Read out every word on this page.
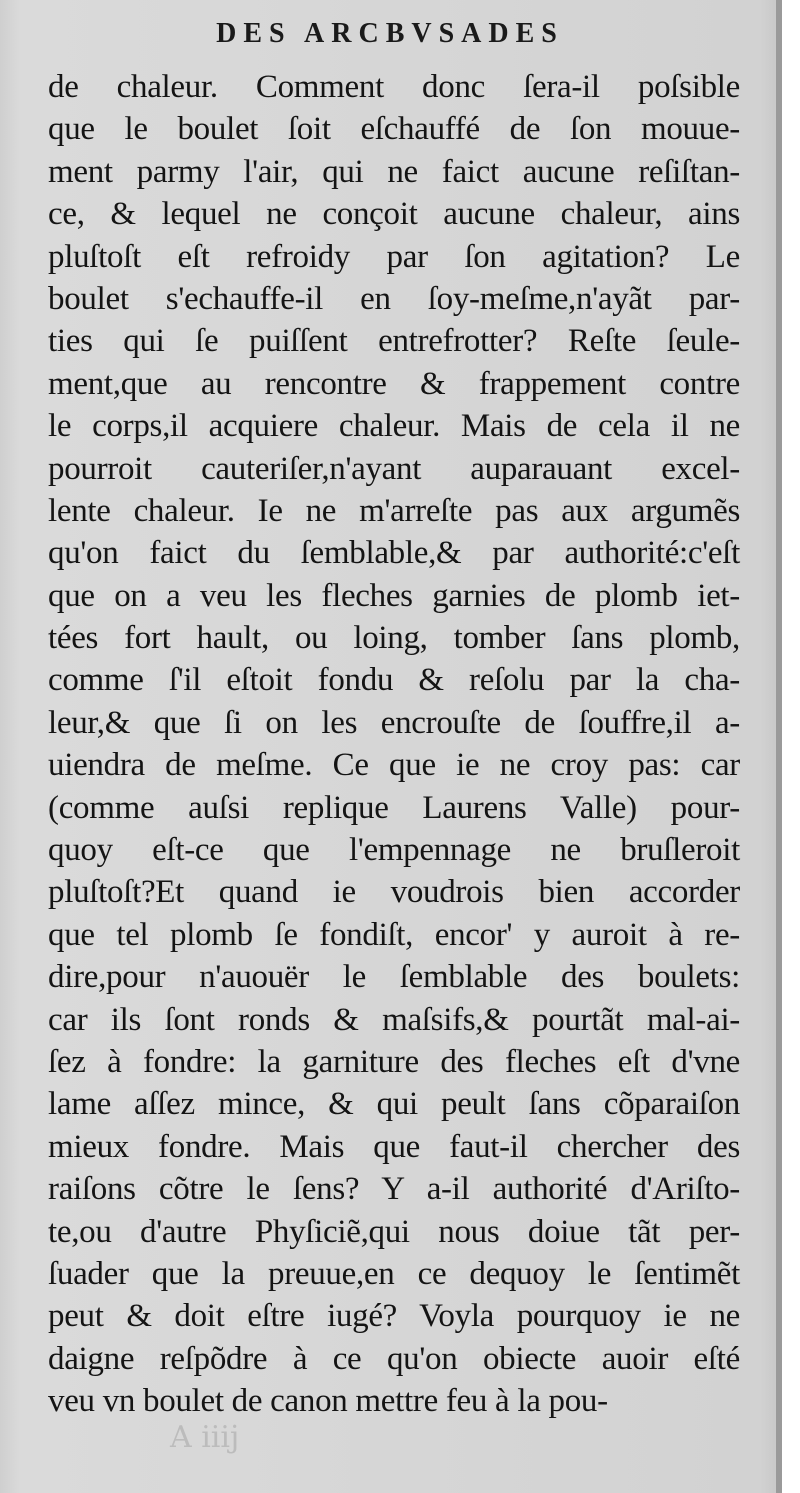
A iiij
DES ARCBVSADES
de chaleur. Comment donc ſera-il poſsible
que le boulet ſoit eſchauffé de ſon mouue-
ment parmy l'air, qui ne faict aucune reſiſtan-
ce, & lequel ne conçoit aucune chaleur, ains
pluſtoſt eſt refroidy par ſon agitation? Le
boulet s'echauffe-il en ſoy-meſme,n'ayãt par-
ties qui ſe puiſſent entrefrotter? Reſte ſeule-
ment,que au rencontre & frappement contre
le corps,il acquiere chaleur. Mais de cela il ne
pourroit cauteriſer,n'ayant auparauant excel-
lente chaleur. Ie ne m'arreſte pas aux argumẽs
qu'on faict du ſemblable,& par authorité:c'eſt
que on a veu les fleches garnies de plomb iet-
tées fort hault, ou loing, tomber ſans plomb,
comme ſ'il eſtoit fondu & reſolu par la cha-
leur,& que ſi on les encrouſte de ſouffre,il a-
uiendra de meſme. Ce que ie ne croy pas: car
(comme auſsi replique Laurens Valle) pour-
quoy eſt-ce que l'empennage ne bruſleroit
pluſtoſt?Et quand ie voudrois bien accorder
que tel plomb ſe fondiſt, encor' y auroit à re-
dire,pour n'auouër le ſemblable des boulets:
car ils ſont ronds & maſsifs,& pourtãt mal-ai-
ſez à fondre: la garniture des fleches eſt d'vne
lame aſſez mince, & qui peult ſans cõparaiſon
mieux fondre. Mais que faut-il chercher des
raiſons cõtre le ſens? Y a-il authorité d'Ariſto-
te,ou d'autre Phyſiciẽ,qui nous doiue tãt per-
ſuader que la preuue,en ce dequoy le ſentimẽt
peut & doit eſtre iugé? Voyla pourquoy ie ne
daigne reſpõdre à ce qu'on obiecte auoir eſté
veu vn boulet de canon mettre feu à la pou-
